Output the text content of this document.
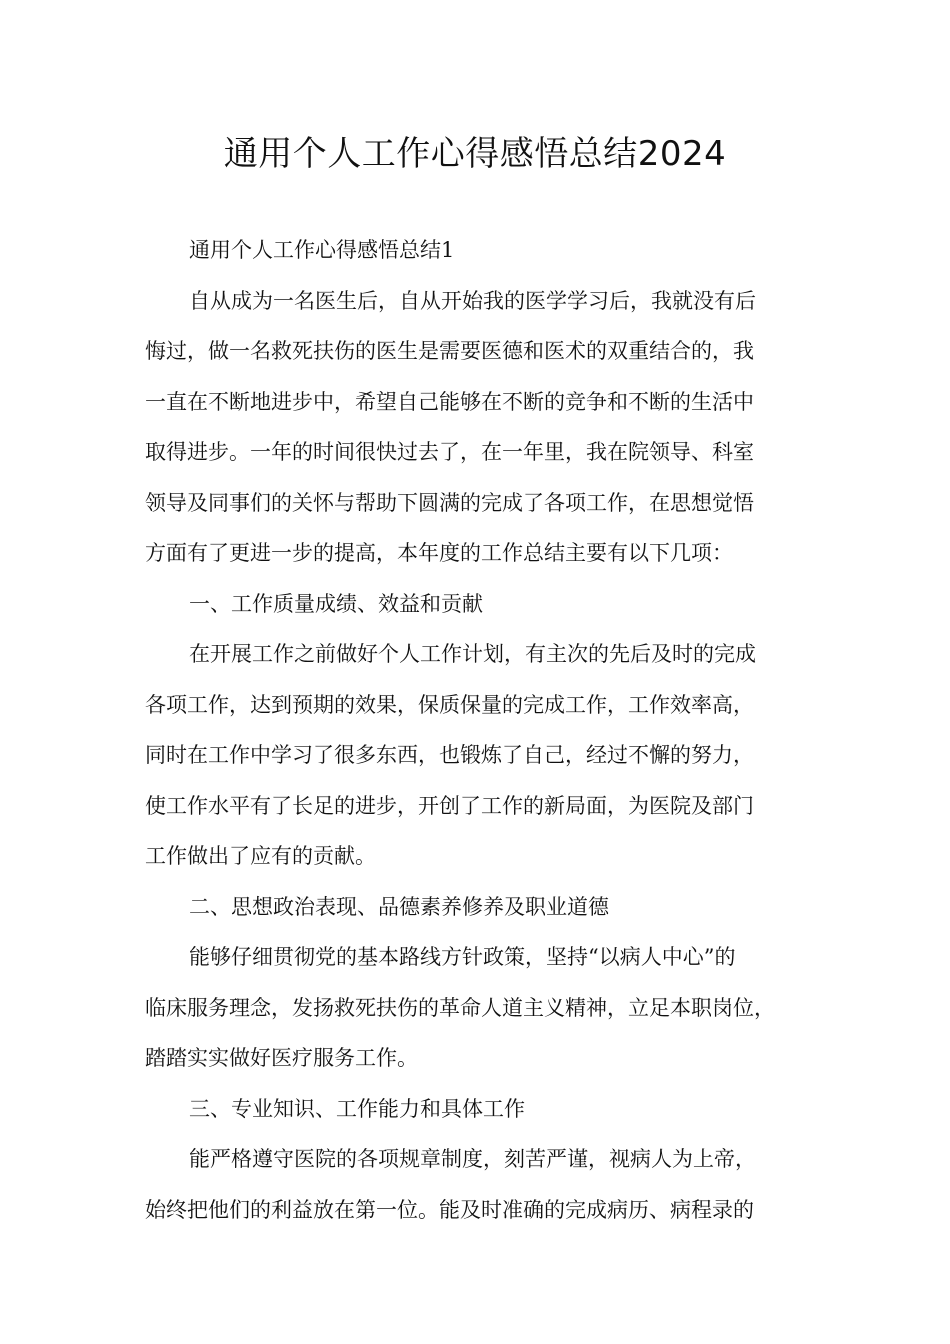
通用个人工作心得感悟总结2024
通用个人工作心得感悟总结1
自从成为一名医生后，自从开始我的医学学习后，我就没有后
悔过，做一名救死扶伤的医生是需要医德和医术的双重结合的，我
一直在不断地进步中，希望自己能够在不断的竞争和不断的生活中
取得进步。一年的时间很快过去了，在一年里，我在院领导、科室
领导及同事们的关怀与帮助下圆满的完成了各项工作，在思想觉悟
方面有了更进一步的提高，本年度的工作总结主要有以下几项：
一、工作质量成绩、效益和贡献
在开展工作之前做好个人工作计划，有主次的先后及时的完成
各项工作，达到预期的效果，保质保量的完成工作，工作效率高，
同时在工作中学习了很多东西，也锻炼了自己，经过不懈的努力，
使工作水平有了长足的进步，开创了工作的新局面，为医院及部门
工作做出了应有的贡献。
二、思想政治表现、品德素养修养及职业道德
能够仔细贯彻党的基本路线方针政策，坚持“以病人中心”的
临床服务理念，发扬救死扶伤的革命人道主义精神，立足本职岗位，
踏踏实实做好医疗服务工作。
三、专业知识、工作能力和具体工作
能严格遵守医院的各项规章制度，刻苦严谨，视病人为上帝，
始终把他们的利益放在第一位。能及时准确的完成病历、病程录的
